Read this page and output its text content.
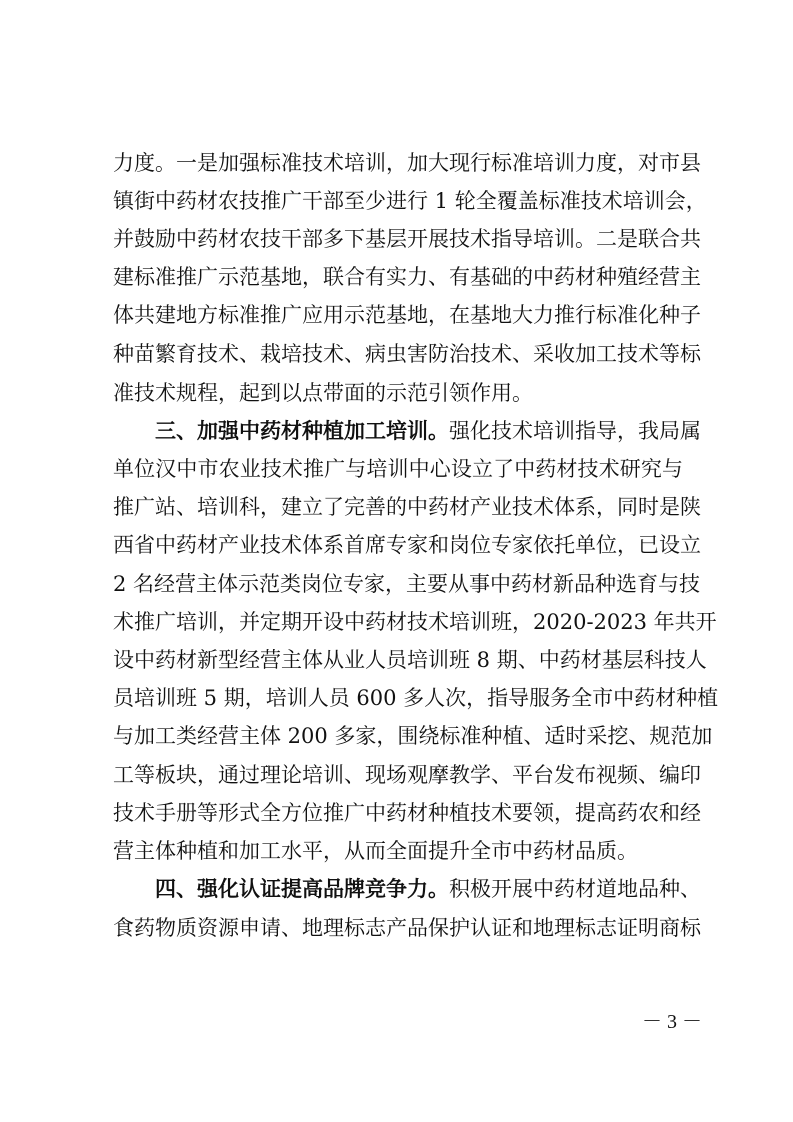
力度。一是加强标准技术培训，加大现行标准培训力度，对市县
镇街中药材农技推广干部至少进行 1 轮全覆盖标准技术培训会，
并鼓励中药材农技干部多下基层开展技术指导培训。二是联合共
建标准推广示范基地，联合有实力、有基础的中药材种殖经营主
体共建地方标准推广应用示范基地，在基地大力推行标准化种子
种苗繁育技术、栽培技术、病虫害防治技术、采收加工技术等标
准技术规程，起到以点带面的示范引领作用。
三、加强中药材种植加工培训。强化技术培训指导，我局属
单位汉中市农业技术推广与培训中心设立了中药材技术研究与
推广站、培训科，建立了完善的中药材产业技术体系，同时是陕
西省中药材产业技术体系首席专家和岗位专家依托单位，已设立
2 名经营主体示范类岗位专家，主要从事中药材新品种选育与技
术推广培训，并定期开设中药材技术培训班，2020-2023 年共开
设中药材新型经营主体从业人员培训班 8 期、中药材基层科技人
员培训班 5 期，培训人员 600 多人次，指导服务全市中药材种植
与加工类经营主体 200 多家，围绕标准种植、适时采挖、规范加
工等板块，通过理论培训、现场观摩教学、平台发布视频、编印
技术手册等形式全方位推广中药材种植技术要领，提高药农和经
营主体种植和加工水平，从而全面提升全市中药材品质。
四、强化认证提高品牌竞争力。积极开展中药材道地品种、
食药物质资源申请、地理标志产品保护认证和地理标志证明商标
－ 3 －
